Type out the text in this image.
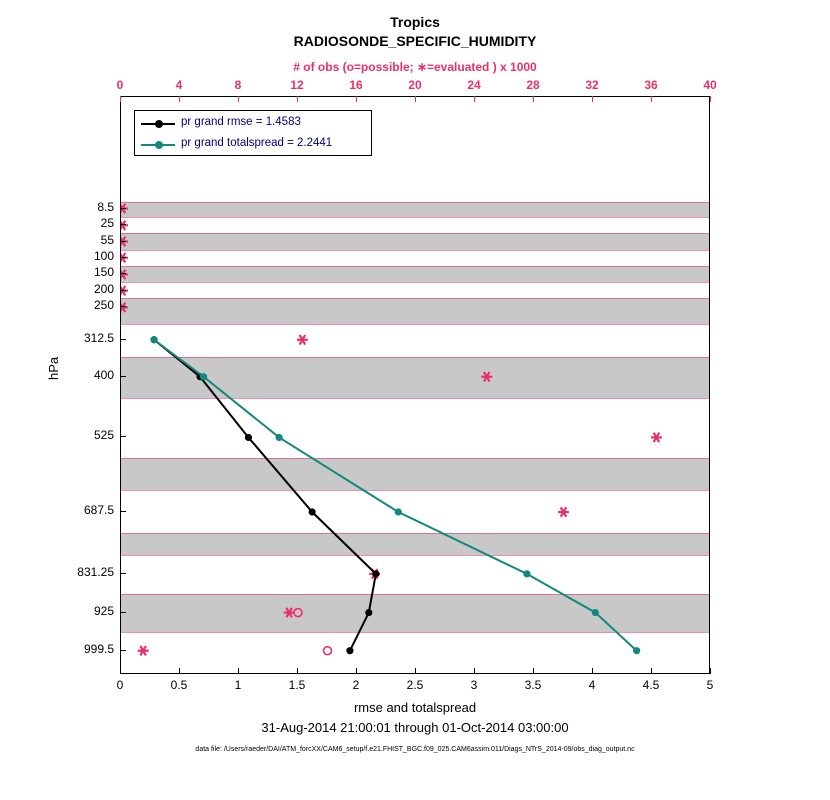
Tropics
RADIOSONDE_SPECIFIC_HUMIDITY
# of obs (o=possible; ∗=evaluated ) x 1000
hPa
rmse and totalspread
31-Aug-2014 21:00:01 through 01-Oct-2014 03:00:00
data file: /Users/raeder/DAI/ATM_forcXX/CAM6_setup/f.e21.FHIST_BGC.f09_025.CAM6assim.011/Diags_NTrS_2014-09/obs_diag_output.nc
pr grand rmse = 1.4583
pr grand totalspread = 2.2441
0	0.5	1	1.5	2	2.5	3	3.5	4	4.5	5
0	4	8	12	16	20	24	28	32	36	40
8.5
25
55
100
150
200
250
312.5
400
525
687.5
831.25
925
999.5
